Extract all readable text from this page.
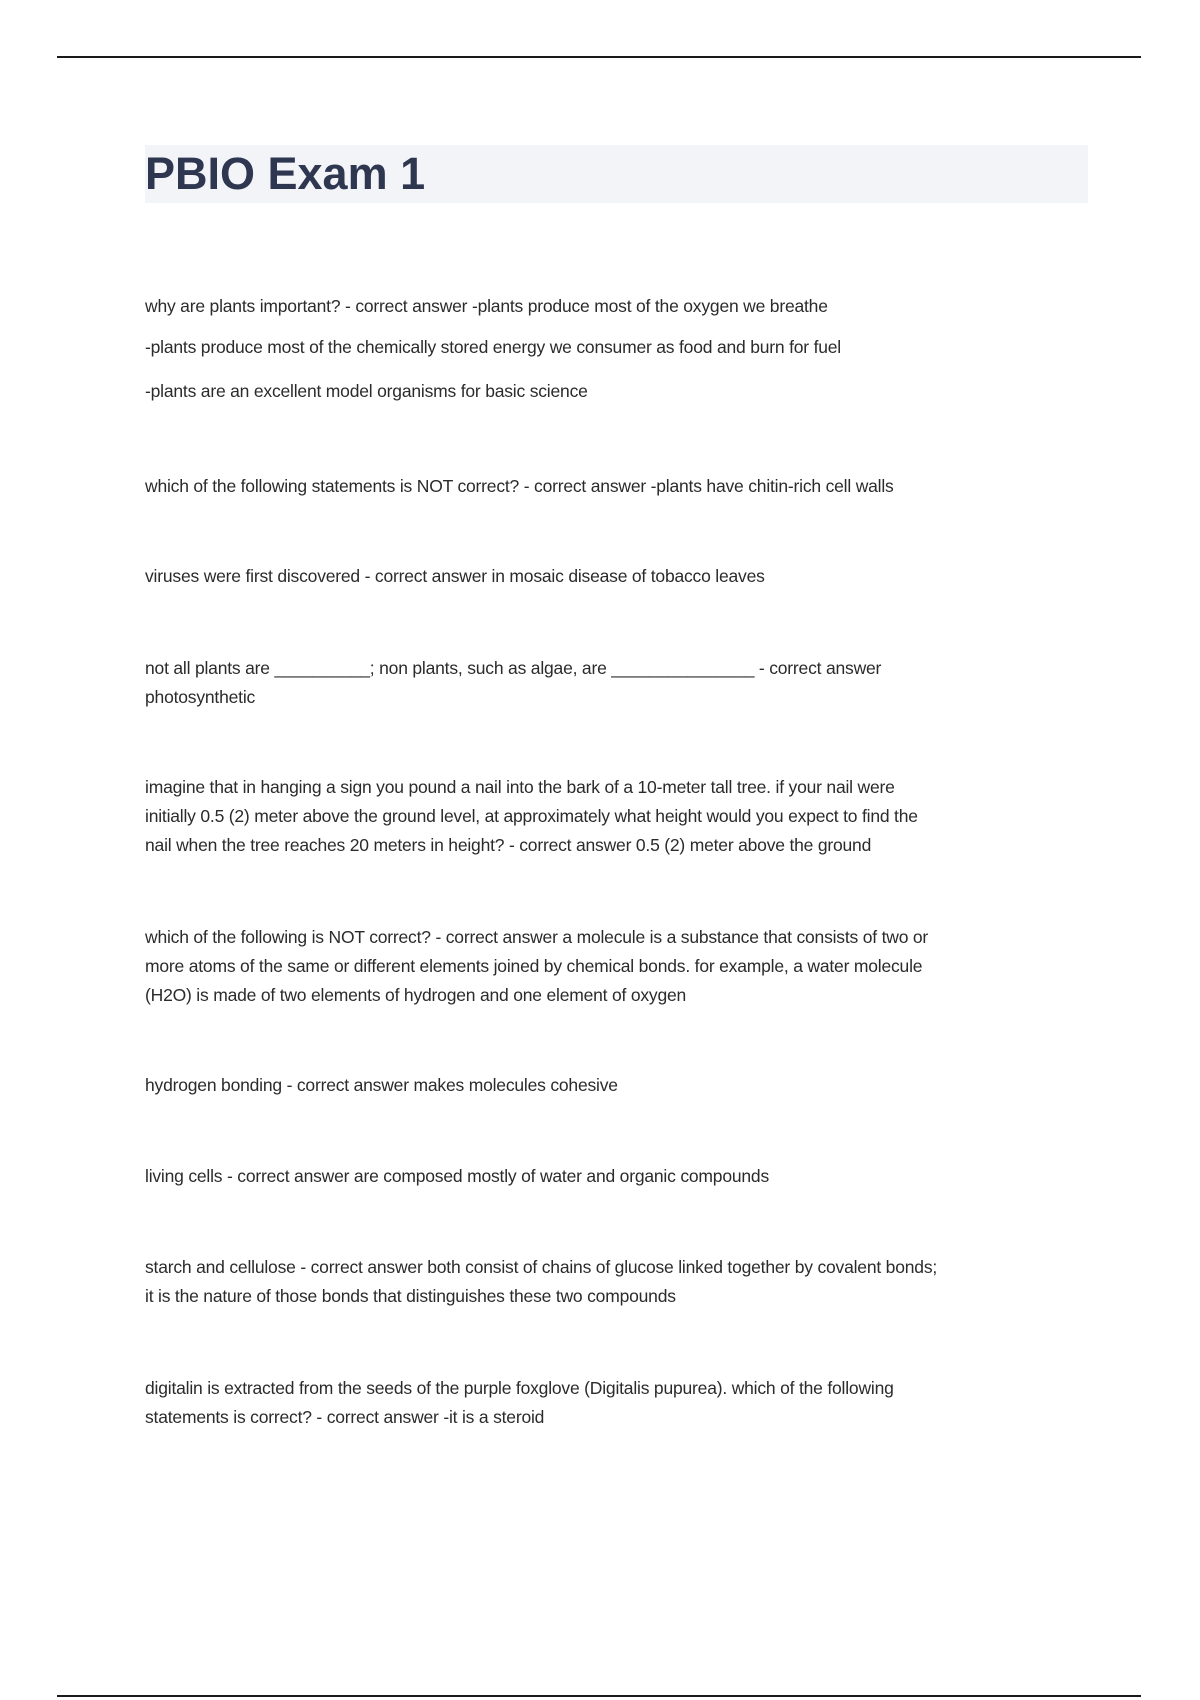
PBIO Exam 1
why are plants important? - correct answer -plants produce most of the oxygen we breathe
-plants produce most of the chemically stored energy we consumer as food and burn for fuel
-plants are an excellent model organisms for basic science
which of the following statements is NOT correct? - correct answer -plants have chitin-rich cell walls
viruses were first discovered - correct answer in mosaic disease of tobacco leaves
not all plants are __________; non plants, such as algae, are _______________ - correct answer
photosynthetic
imagine that in hanging a sign you pound a nail into the bark of a 10-meter tall tree. if your nail were
initially 0.5 (2) meter above the ground level, at approximately what height would you expect to find the
nail when the tree reaches 20 meters in height? - correct answer 0.5 (2) meter above the ground
which of the following is NOT correct? - correct answer a molecule is a substance that consists of two or
more atoms of the same or different elements joined by chemical bonds. for example, a water molecule
(H2O) is made of two elements of hydrogen and one element of oxygen
hydrogen bonding - correct answer makes molecules cohesive
living cells - correct answer are composed mostly of water and organic compounds
starch and cellulose - correct answer both consist of chains of glucose linked together by covalent bonds;
it is the nature of those bonds that distinguishes these two compounds
digitalin is extracted from the seeds of the purple foxglove (Digitalis pupurea). which of the following
statements is correct? - correct answer -it is a steroid
